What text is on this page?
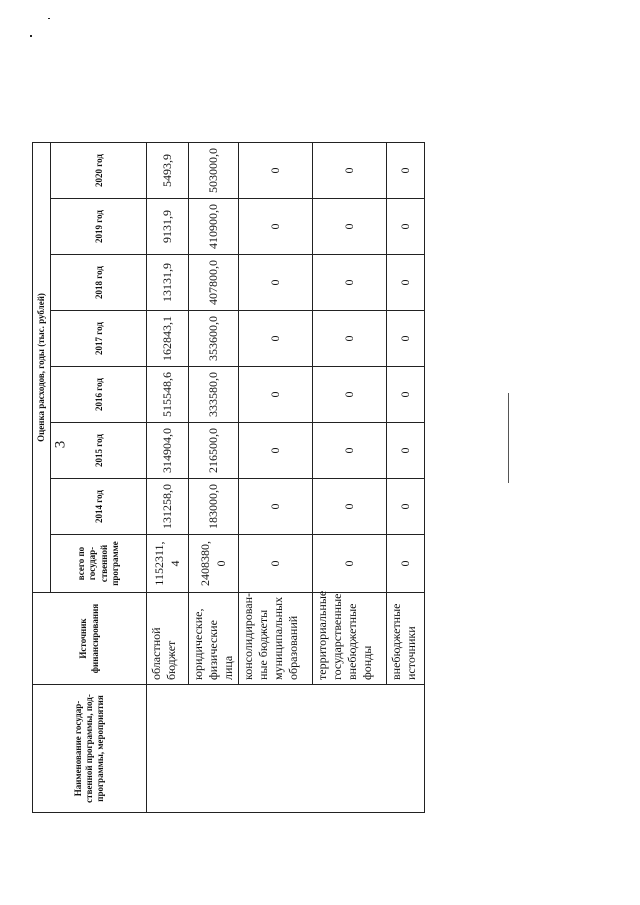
3
Наименование государ-ственной программы, под-программы, мероприятия	Источник финансирования	Оценка расходов, годы (тыс. рублей)							
		всего по государ-ственной программе	2014 год	2015 год	2016 год	2017 год	2018 год	2019 год	2020 год
	областной бюджет	1152311,4	131258,0	314904,0	515548,6	162843,1	13131,9	9131,9	5493,9
	юридические, физические лица	2408380,0	183000,0	216500,0	333580,0	353600,0	407800,0	410900,0	503000,0
	консолидирован-ные бюджеты муниципальных образований	0	0	0	0	0	0	0	0
	территориальные государственные внебюджетные фонды	0	0	0	0	0	0	0	0
	внебюджетные источники	0	0	0	0	0	0	0	0
